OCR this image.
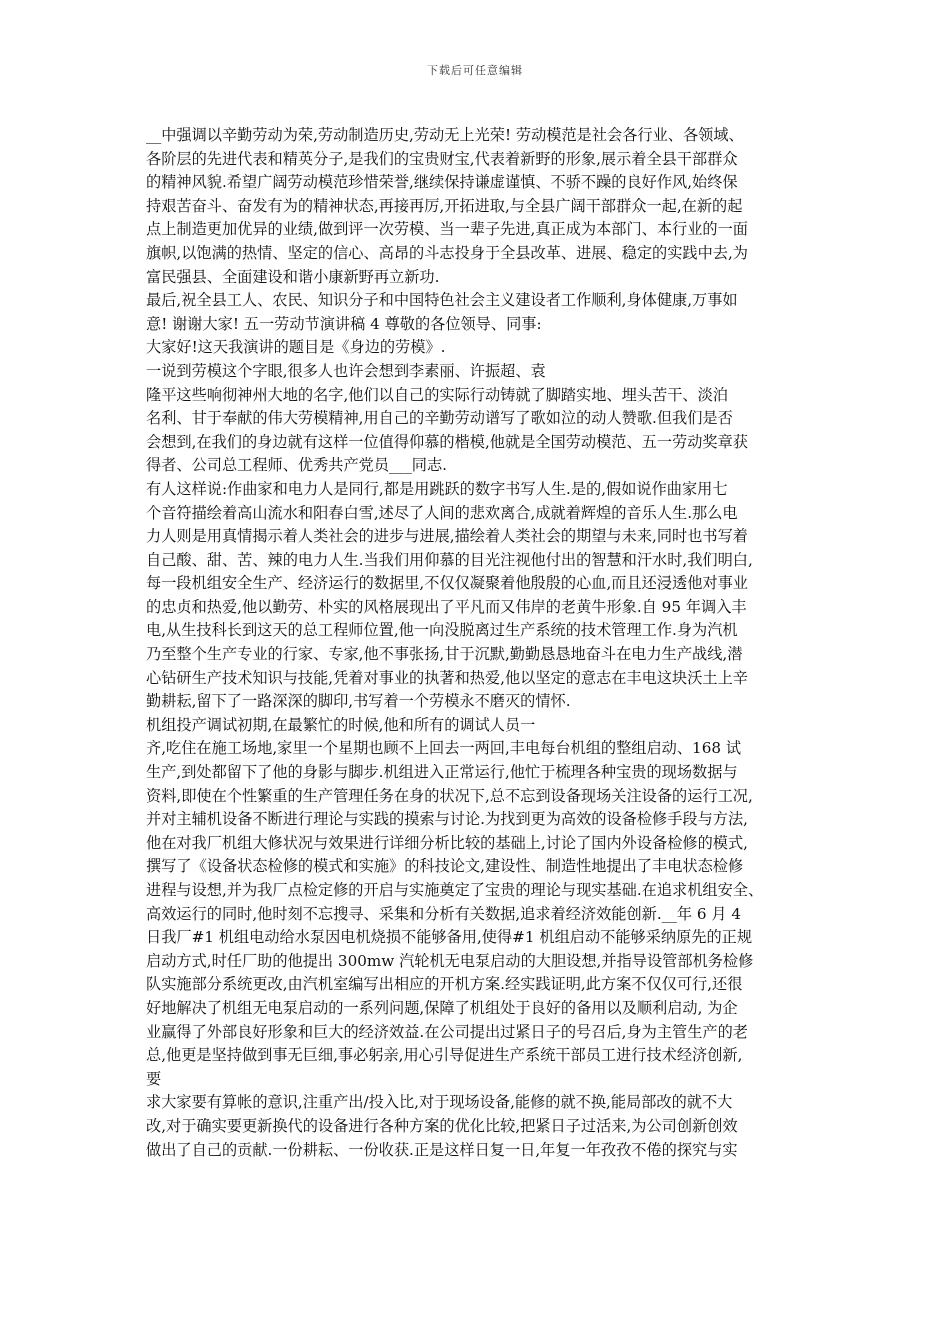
下载后可任意编辑
__中强调以辛勤劳动为荣,劳动制造历史,劳动无上光荣! 劳动模范是社会各行业、各领域、
各阶层的先进代表和精英分子,是我们的宝贵财宝,代表着新野的形象,展示着全县干部群众
的精神风貌.希望广阔劳动模范珍惜荣誉,继续保持谦虚谨慎、不骄不躁的良好作风,始终保
持艰苦奋斗、奋发有为的精神状态,再接再厉,开拓进取,与全县广阔干部群众一起,在新的起
点上制造更加优异的业绩,做到评一次劳模、当一辈子先进,真正成为本部门、本行业的一面
旗帜,以饱满的热情、坚定的信心、高昂的斗志投身于全县改革、进展、稳定的实践中去,为
富民强县、全面建设和谐小康新野再立新功.
最后,祝全县工人、农民、知识分子和中国特色社会主义建设者工作顺利,身体健康,万事如
意! 谢谢大家! 五一劳动节演讲稿 4 尊敬的各位领导、同事:
大家好!这天我演讲的题目是《身边的劳模》.
一说到劳模这个字眼,很多人也许会想到李素丽、许振超、袁
隆平这些响彻神州大地的名字,他们以自己的实际行动铸就了脚踏实地、埋头苦干、淡泊
名利、甘于奉献的伟大劳模精神,用自己的辛勤劳动谱写了歌如泣的动人赞歌.但我们是否
会想到,在我们的身边就有这样一位值得仰慕的楷模,他就是全国劳动模范、五一劳动奖章获
得者、公司总工程师、优秀共产党员___同志.
有人这样说:作曲家和电力人是同行,都是用跳跃的数字书写人生.是的,假如说作曲家用七
个音符描绘着高山流水和阳春白雪,述尽了人间的悲欢离合,成就着辉煌的音乐人生.那么电
力人则是用真情揭示着人类社会的进步与进展,描绘着人类社会的期望与未来,同时也书写着
自己酸、甜、苦、辣的电力人生.当我们用仰慕的目光注视他付出的智慧和汗水时,我们明白,
每一段机组安全生产、经济运行的数据里,不仅仅凝聚着他殷殷的心血,而且还浸透他对事业
的忠贞和热爱,他以勤劳、朴实的风格展现出了平凡而又伟岸的老黄牛形象.自 95 年调入丰
电,从生技科长到这天的总工程师位置,他一向没脱离过生产系统的技术管理工作.身为汽机
乃至整个生产专业的行家、专家,他不事张扬,甘于沉默,勤勤恳恳地奋斗在电力生产战线,潜
心钻研生产技术知识与技能,凭着对事业的执著和热爱,他以坚定的意志在丰电这块沃土上辛
勤耕耘,留下了一路深深的脚印,书写着一个劳模永不磨灭的情怀.
机组投产调试初期,在最繁忙的时候,他和所有的调试人员一
齐,吃住在施工场地,家里一个星期也顾不上回去一两回,丰电每台机组的整组启动、168 试
生产,到处都留下了他的身影与脚步.机组进入正常运行,他忙于梳理各种宝贵的现场数据与
资料,即使在个性繁重的生产管理任务在身的状况下,总不忘到设备现场关注设备的运行工况,
并对主辅机设备不断进行理论与实践的摸索与讨论.为找到更为高效的设备检修手段与方法,
他在对我厂机组大修状况与效果进行详细分析比较的基础上,讨论了国内外设备检修的模式,
撰写了《设备状态检修的模式和实施》的科技论文,建设性、制造性地提出了丰电状态检修
进程与设想,并为我厂点检定修的开启与实施奠定了宝贵的理论与现实基础.在追求机组安全、
高效运行的同时,他时刻不忘搜寻、采集和分析有关数据,追求着经济效能创新.__年 6 月 4
日我厂#1 机组电动给水泵因电机烧损不能够备用,使得#1 机组启动不能够采纳原先的正规
启动方式,时任厂助的他提出 300mw 汽轮机无电泵启动的大胆设想,并指导设管部机务检修
队实施部分系统更改,由汽机室编写出相应的开机方案.经实践证明,此方案不仅仅可行,还很
好地解决了机组无电泵启动的一系列问题,保障了机组处于良好的备用以及顺利启动, 为企
业赢得了外部良好形象和巨大的经济效益.在公司提出过紧日子的号召后,身为主管生产的老
总,他更是坚持做到事无巨细,事必躬亲,用心引导促进生产系统干部员工进行技术经济创新,
要
求大家要有算帐的意识,注重产出/投入比,对于现场设备,能修的就不换,能局部改的就不大
改,对于确实要更新换代的设备进行各种方案的优化比较,把紧日子过活来,为公司创新创效
做出了自己的贡献.一份耕耘、一份收获.正是这样日复一日,年复一年孜孜不倦的探究与实
